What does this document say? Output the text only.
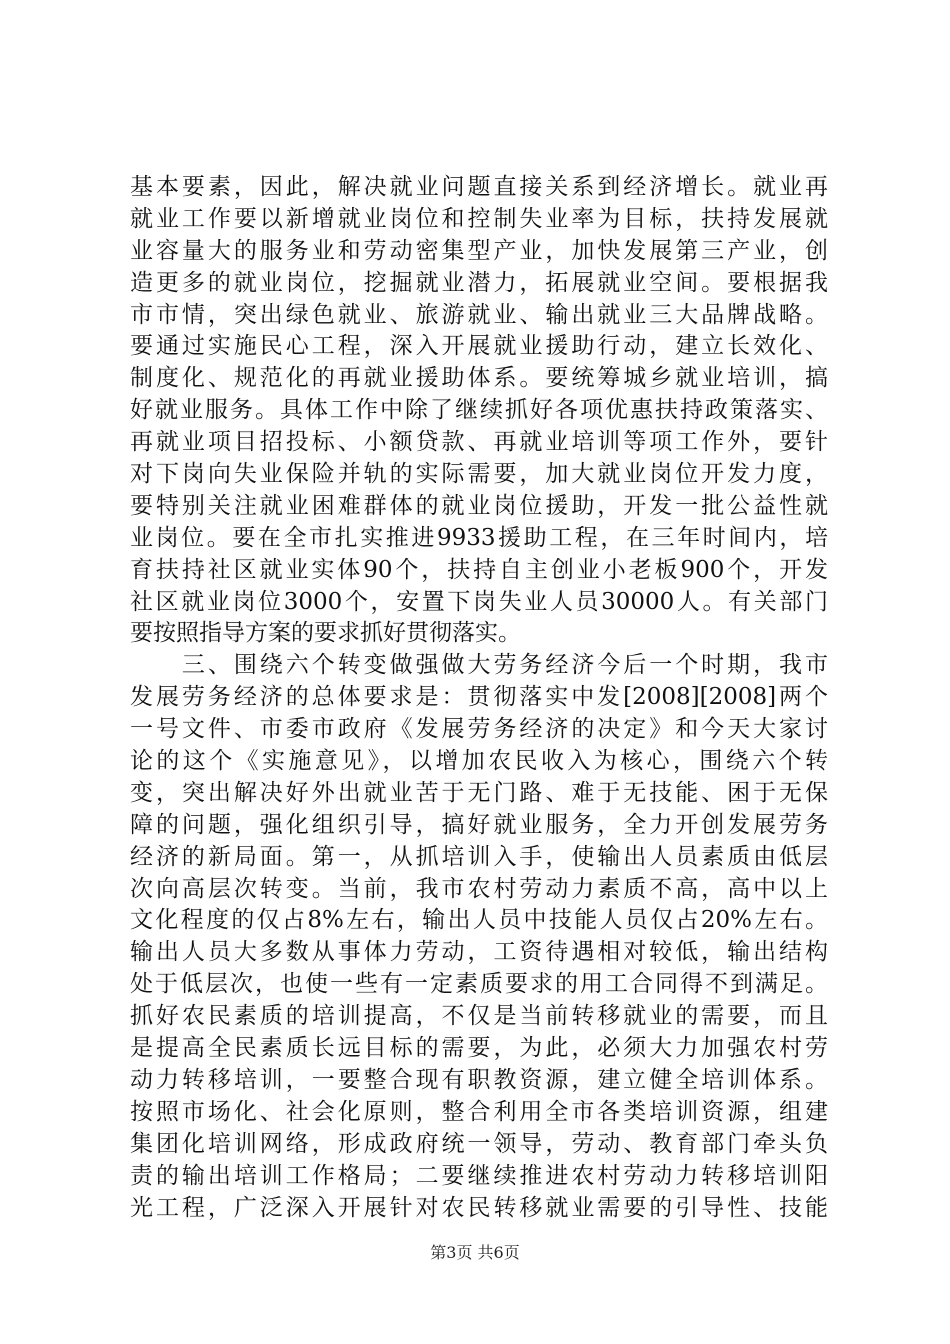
基本要素，因此，解决就业问题直接关系到经济增长。就业再
就业工作要以新增就业岗位和控制失业率为目标，扶持发展就
业容量大的服务业和劳动密集型产业，加快发展第三产业，创
造更多的就业岗位，挖掘就业潜力，拓展就业空间。要根据我
市市情，突出绿色就业、旅游就业、输出就业三大品牌战略。
要通过实施民心工程，深入开展就业援助行动，建立长效化、
制度化、规范化的再就业援助体系。要统筹城乡就业培训，搞
好就业服务。具体工作中除了继续抓好各项优惠扶持政策落实、
再就业项目招投标、小额贷款、再就业培训等项工作外，要针
对下岗向失业保险并轨的实际需要，加大就业岗位开发力度，
要特别关注就业困难群体的就业岗位援助，开发一批公益性就
业岗位。要在全市扎实推进9933援助工程，在三年时间内，培
育扶持社区就业实体90个，扶持自主创业小老板900个，开发
社区就业岗位3000个，安置下岗失业人员30000人。有关部门
要按照指导方案的要求抓好贯彻落实。
　　三、围绕六个转变做强做大劳务经济今后一个时期，我市
发展劳务经济的总体要求是：贯彻落实中发[2008][2008]两个
一号文件、市委市政府《发展劳务经济的决定》和今天大家讨
论的这个《实施意见》，以增加农民收入为核心，围绕六个转
变，突出解决好外出就业苦于无门路、难于无技能、困于无保
障的问题，强化组织引导，搞好就业服务，全力开创发展劳务
经济的新局面。第一，从抓培训入手，使输出人员素质由低层
次向高层次转变。当前，我市农村劳动力素质不高，高中以上
文化程度的仅占8%左右，输出人员中技能人员仅占20%左右。
输出人员大多数从事体力劳动，工资待遇相对较低，输出结构
处于低层次，也使一些有一定素质要求的用工合同得不到满足。
抓好农民素质的培训提高，不仅是当前转移就业的需要，而且
是提高全民素质长远目标的需要，为此，必须大力加强农村劳
动力转移培训，一要整合现有职教资源，建立健全培训体系。
按照市场化、社会化原则，整合利用全市各类培训资源，组建
集团化培训网络，形成政府统一领导，劳动、教育部门牵头负
责的输出培训工作格局；二要继续推进农村劳动力转移培训阳
光工程，广泛深入开展针对农民转移就业需要的引导性、技能
第3页 共6页
